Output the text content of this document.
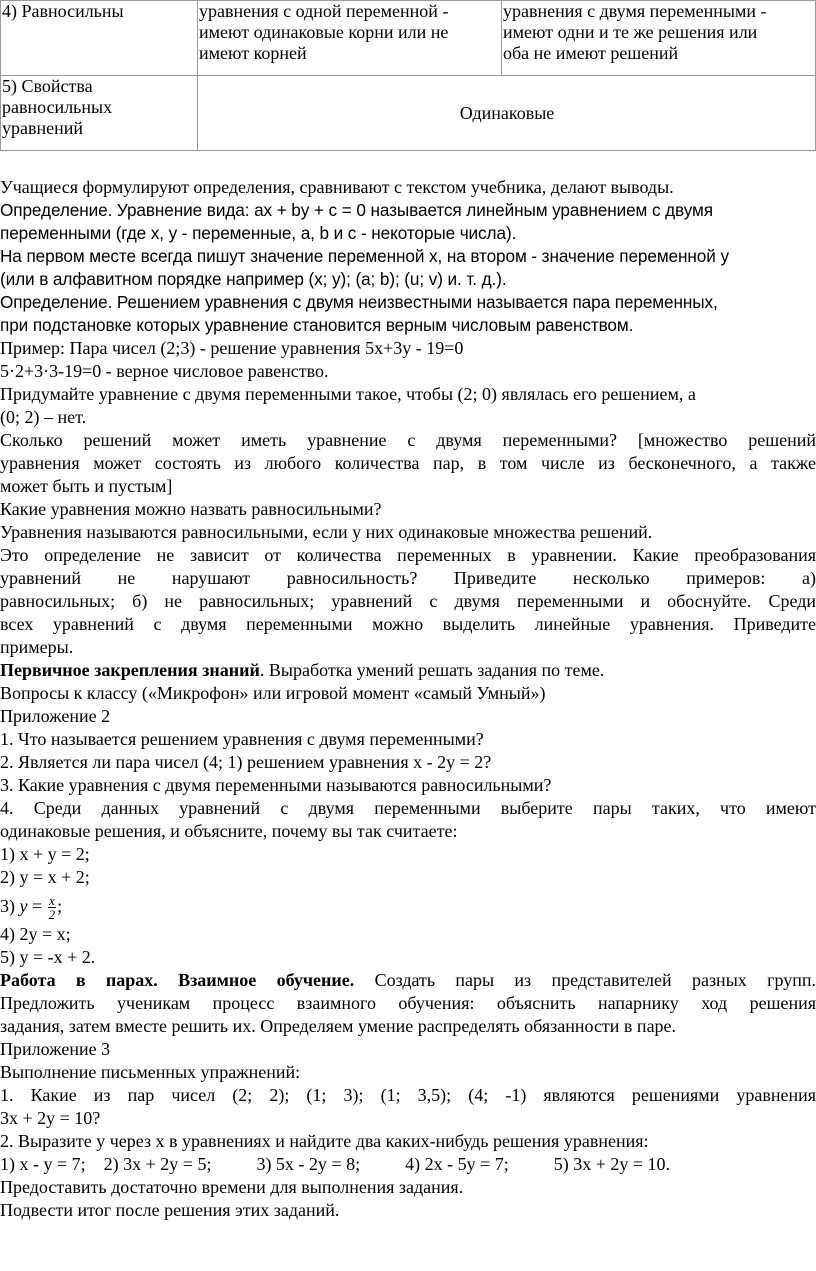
4) Равносильны	уравнения с одной переменной -
имеют одинаковые корни или не
имеют корней	уравнения с двумя переменными -
имеют одни и те же решения или
оба не имеют решений

5) Свойства
равносильных
уравнений	Одинаковые	
Учащиеся формулируют определения, сравнивают с текстом учебника, делают выводы.
Определение. Уравнение вида: ax + by + c = 0 называется линейным уравнением с двумя
переменными (где x, y - переменные, a, b и c - некоторые числа).
На первом месте всегда пишут значение переменной x, на втором - значение переменной y
(или в алфавитном порядке например (x; y); (a; b); (u; v) и. т. д.).
Определение. Решением уравнения с двумя неизвестными называется пара переменных,
при подстановке которых уравнение становится верным числовым равенством.
Пример: Пара чисел (2;3) - решение уравнения 5x+3y - 19=0
5·2+3·3-19=0 - верное числовое равенство.
Придумайте уравнение с двумя переменными такое, чтобы (2; 0) являлась его решением, а
(0; 2) – нет.
Сколько решений может иметь уравнение с двумя переменными? [множество решений
уравнения может состоять из любого количества пар, в том числе из бесконечного, а также
может быть и пустым]
Какие уравнения можно назвать равносильными?
Уравнения называются равносильными, если у них одинаковые множества решений.
Это определение не зависит от количества переменных в уравнении. Какие преобразования
уравнений не нарушают равносильность? Приведите несколько примеров: а)
равносильных; б) не равносильных; уравнений с двумя переменными и обоснуйте. Среди
всех уравнений с двумя переменными можно выделить линейные уравнения. Приведите
примеры.
Первичное закрепления знаний. Выработка умений решать задания по теме.
Вопросы к классу («Микрофон» или игровой момент «самый Умный»)
Приложение 2
1. Что называется решением уравнения с двумя переменными?
2. Является ли пара чисел (4; 1) решением уравнения x - 2y = 2?
3. Какие уравнения с двумя переменными называются равносильными?
4. Среди данных уравнений с двумя переменными выберите пары таких, что имеют
одинаковые решения, и объясните, почему вы так считаете:
1) x + y = 2;
2) y = x + 2;
3) $y = \frac{x}{2}$ ;
4) 2y = x;
5) y = -x + 2.
Работа в парах. Взаимное обучение. Создать пары из представителей разных групп.
Предложить ученикам процесс взаимного обучения: объяснить напарнику ход решения
задания, затем вместе решить их. Определяем умение распределять обязанности в паре.
Приложение 3
Выполнение письменных упражнений:
1. Какие из пар чисел (2; 2); (1; 3); (1; 3,5); (4; -1) являются решениями уравнения
3x + 2y = 10?
2. Выразите y через x в уравнениях и найдите два каких-нибудь решения уравнения:
1) x - y = 7;    2) 3x + 2y = 5;          3) 5x - 2y = 8;          4) 2x - 5y = 7;          5) 3x + 2y = 10.
Предоставить достаточно времени для выполнения задания.
Подвести итог после решения этих заданий.
